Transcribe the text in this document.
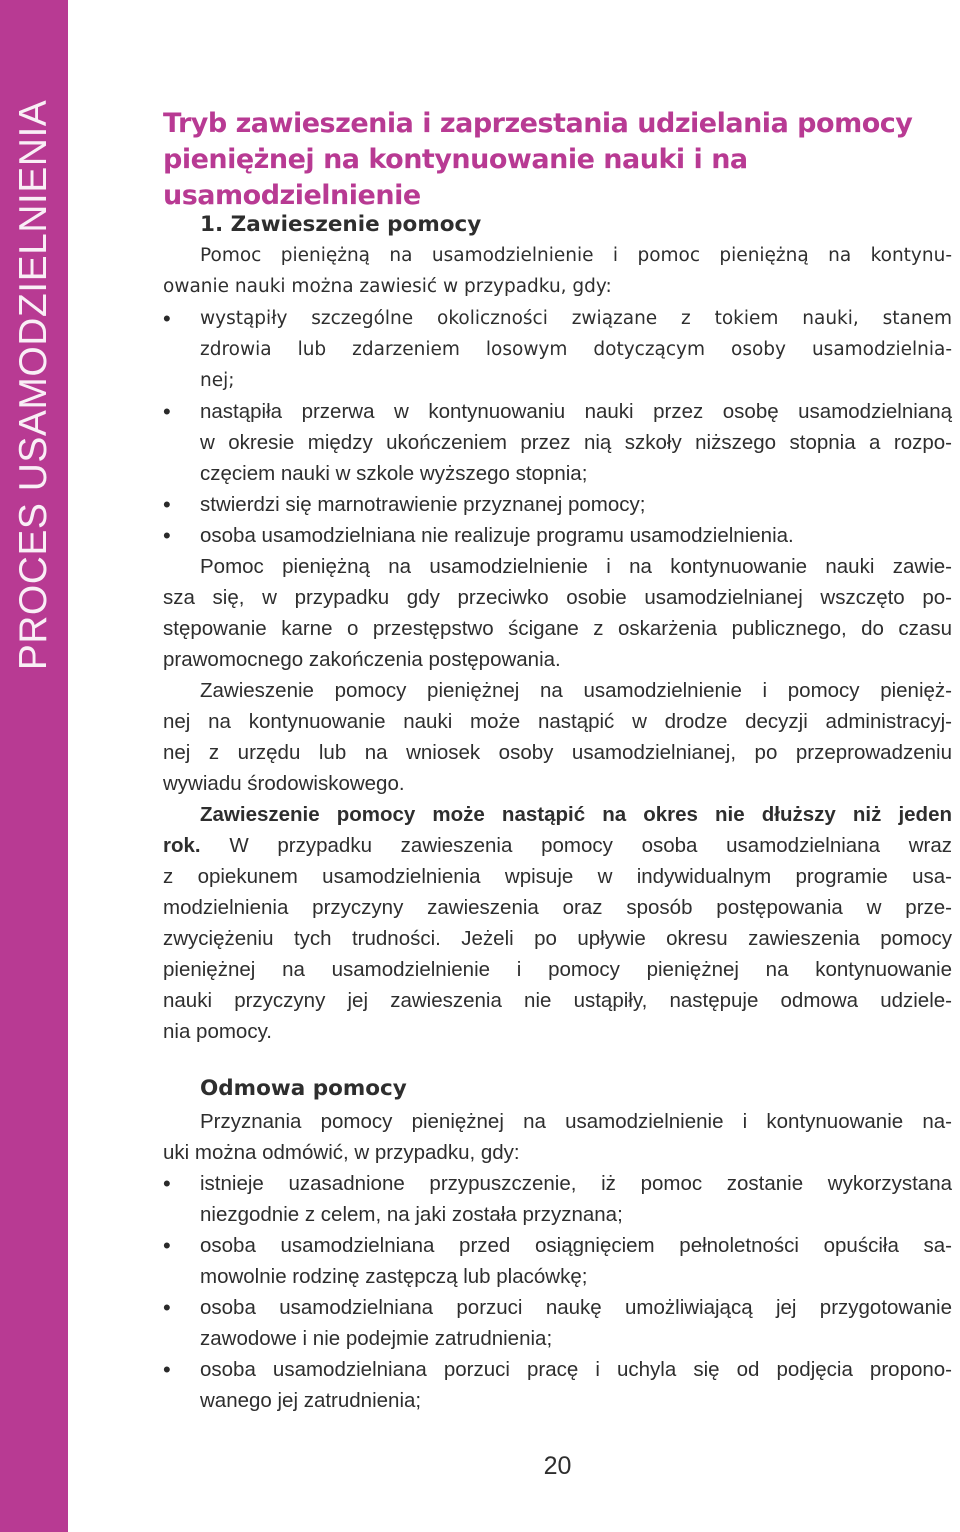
PROCES USAMODZIELNIENIA	Tryb zawieszenia i zaprzestania udzielania pomocy
pieniężnej na kontynuowanie nauki i na usamodzielnienie
1. Zawieszenie pomocy
Pomoc pieniężną na usamodzielnienie i pomoc pieniężną na kontynu-
owanie nauki można zawiesić w przypadku, gdy:
•	wystąpiły szczególne okoliczności związane z tokiem nauki, stanem
zdrowia lub zdarzeniem losowym dotyczącym osoby usamodzielnia-
nej;
•	nastąpiła przerwa w kontynuowaniu nauki przez osobę usamodzielnianą
w okresie między ukończeniem przez nią szkoły niższego stopnia a rozpo-
częciem nauki w szkole wyższego stopnia;
•	stwierdzi się marnotrawienie przyznanej pomocy;
•	osoba usamodzielniana nie realizuje programu usamodzielnienia.
Pomoc pieniężną na usamodzielnienie i na kontynuowanie nauki zawie-
sza się, w przypadku gdy przeciwko osobie usamodzielnianej wszczęto po-
stępowanie karne o przestępstwo ścigane z oskarżenia publicznego, do czasu
prawomocnego zakończenia postępowania.
Zawieszenie pomocy pieniężnej na usamodzielnienie i pomocy pienięż-
nej na kontynuowanie nauki może nastąpić w drodze decyzji administracyj-
nej z urzędu lub na wniosek osoby usamodzielnianej, po przeprowadzeniu
wywiadu środowiskowego.
Zawieszenie pomocy może nastąpić na okres nie dłuższy niż jeden
rok. W przypadku zawieszenia pomocy osoba usamodzielniana wraz
z opiekunem usamodzielnienia wpisuje w indywidualnym programie usa-
modzielnienia przyczyny zawieszenia oraz sposób postępowania w prze-
zwyciężeniu tych trudności. Jeżeli po upływie okresu zawieszenia pomocy
pieniężnej na usamodzielnienie i pomocy pieniężnej na kontynuowanie
nauki przyczyny jej zawieszenia nie ustąpiły, następuje odmowa udziele-
nia pomocy.
Odmowa pomocy
Przyznania pomocy pieniężnej na usamodzielnienie i kontynuowanie na-
uki można odmówić, w przypadku, gdy:
•	istnieje uzasadnione przypuszczenie, iż pomoc zostanie wykorzystana
niezgodnie z celem, na jaki została przyznana;
•	osoba usamodzielniana przed osiągnięciem pełnoletności opuściła sa-
mowolnie rodzinę zastępczą lub placówkę;
•	osoba usamodzielniana porzuci naukę umożliwiającą jej przygotowanie
zawodowe i nie podejmie zatrudnienia;
•	osoba usamodzielniana porzuci pracę i uchyla się od podjęcia propono-
wanego jej zatrudnienia;
20
